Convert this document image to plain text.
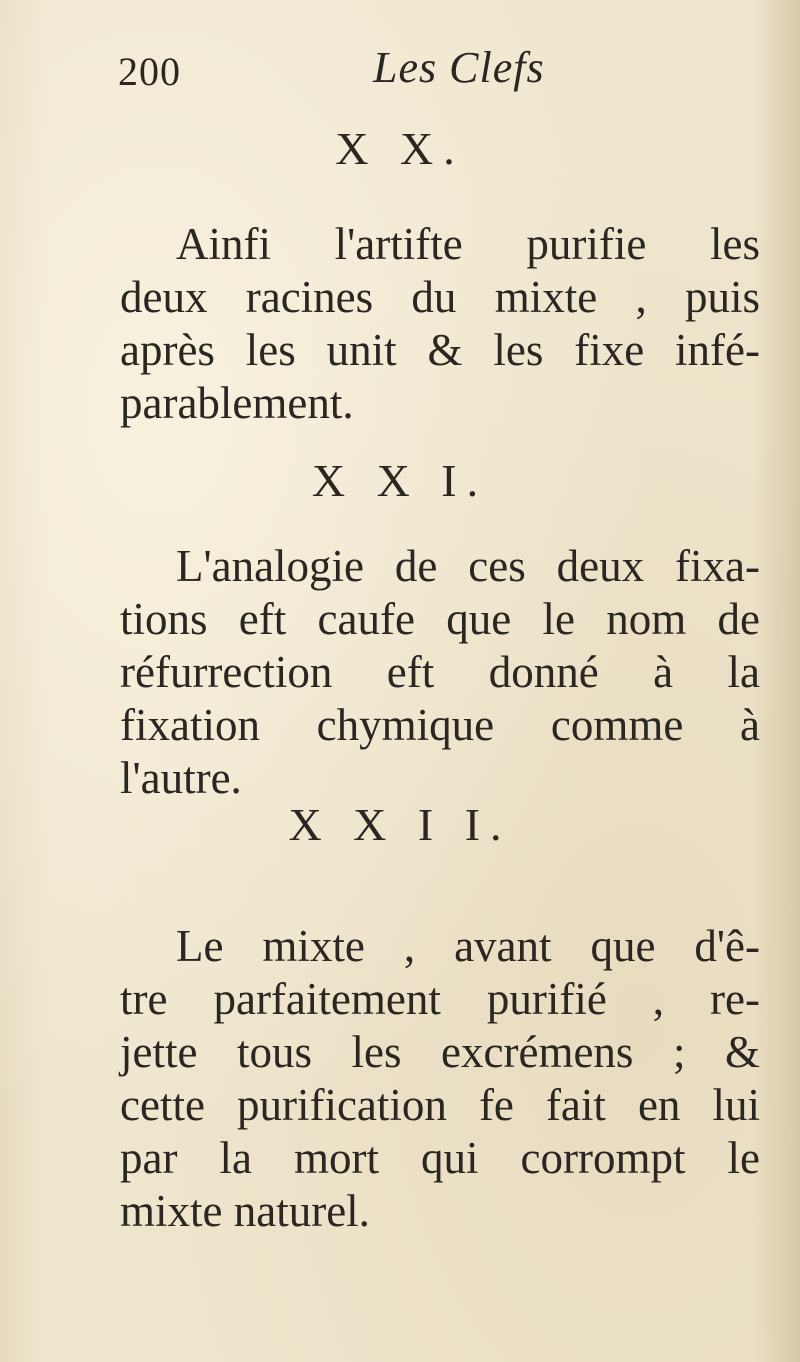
200	Les Clefs
X X.
Ainfi l'artifte purifie les
deux racines du mixte , puis
après les unit & les fixe infé-
parablement.
X X I.
L'analogie de ces deux fixa-
tions eft caufe que le nom de
réfurrection eft donné à la
fixation chymique comme à
l'autre.
X X I I.
Le mixte , avant que d'ê-
tre parfaitement purifié , re-
jette tous les excrémens ; &
cette purification fe fait en lui
par la mort qui corrompt le
mixte naturel.
